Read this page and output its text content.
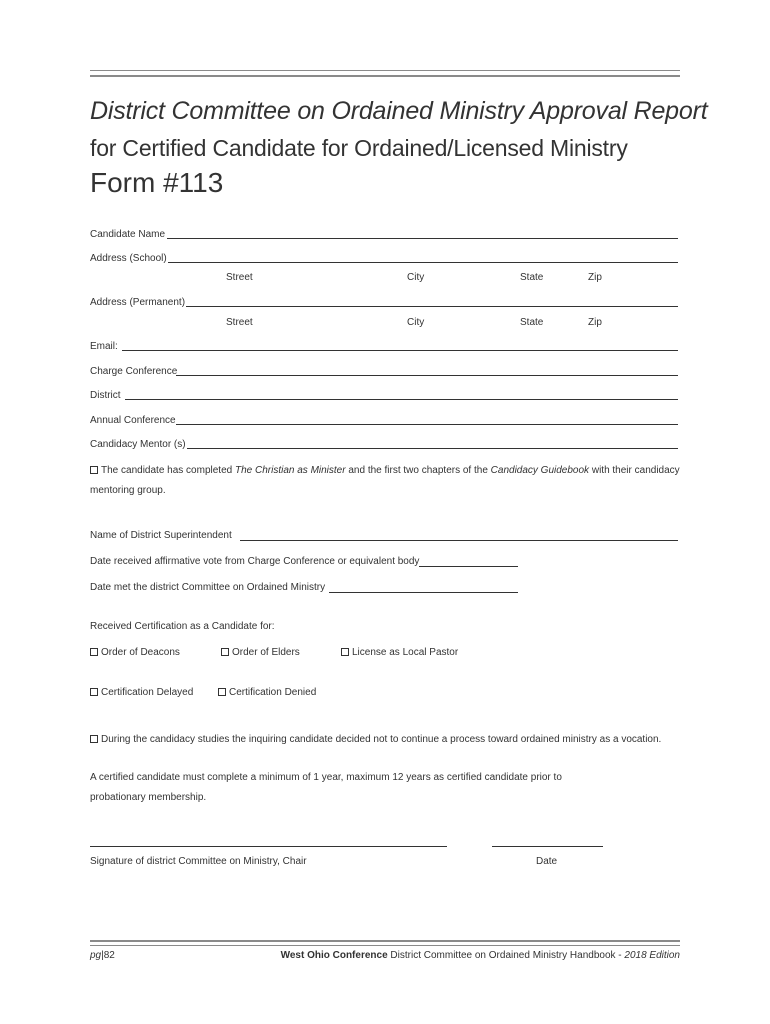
District Committee on Ordained Ministry Approval Report
for Certified Candidate for Ordained/Licensed Ministry
Form #113
Candidate Name
Address (School)
Street	City	State	Zip
Address (Permanent)
Street	City	State	Zip
Email:
Charge Conference
District
Annual Conference
Candidacy Mentor (s)
The candidate has completed The Christian as Minister and the first two chapters of the Candidacy Guidebook with their candidacy
mentoring group.
Name of District Superintendent
Date received affirmative vote from Charge Conference or equivalent body
Date met the district Committee on Ordained Ministry
Received Certification as a Candidate for:
Order of Deacons	Order of Elders	License as Local Pastor
Certification Delayed	Certification Denied
During the candidacy studies the inquiring candidate decided not to continue a process toward ordained ministry as a vocation.
A certified candidate must complete a minimum of 1 year, maximum 12 years as certified candidate prior to
probationary membership.
Signature of district Committee on Ministry, Chair	Date
pg|82	West Ohio Conference District Committee on Ordained Ministry Handbook - 2018 Edition
